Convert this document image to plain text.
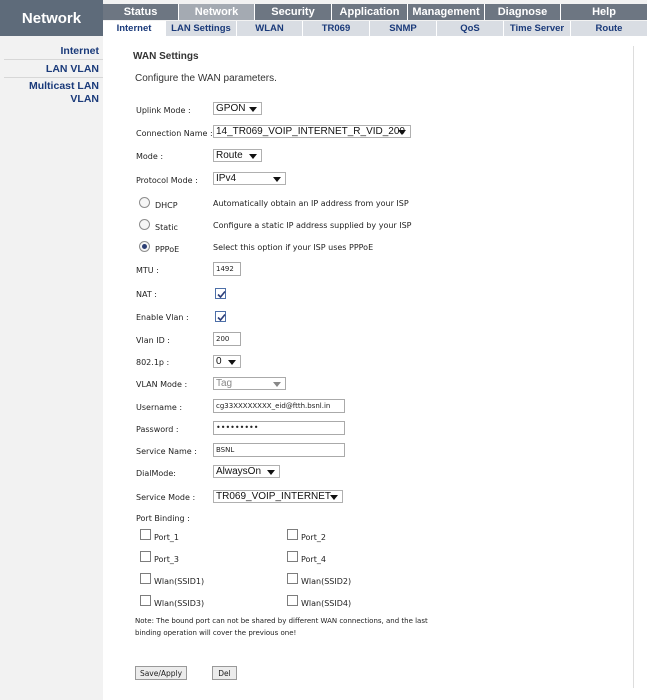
Network	Status	Network	Security	Application	Management	Diagnose	Help
Internet	LAN Settings	WLAN	TR069	SNMP	QoS	Time Server	Route
Internet
LAN VLAN
Multicast LAN
VLAN
WAN Settings
Configure the WAN parameters.
Uplink Mode :	GPON
Connection Name : 14_TR069_VOIP_INTERNET_R_VID_200
Mode :	Route
Protocol Mode :	IPv4
DHCP	Automatically obtain an IP address from your ISP
Static	Configure a static IP address supplied by your ISP
PPPoE	Select this option if your ISP uses PPPoE
MTU :	1492
NAT :
Enable Vlan :
Vlan ID :	200
802.1p :	0
VLAN Mode :	Tag
Username :	cg33XXXXXXXX_eid@ftth.bsnl.in
Password :	•••••••••
Service Name :	BSNL
DialMode:	AlwaysOn
Service Mode :	TR069_VOIP_INTERNET
Port Binding :
Port_1	Port_2
Port_3	Port_4
Wlan(SSID1)	Wlan(SSID2)
Wlan(SSID3)	Wlan(SSID4)
Note: The bound port can not be shared by different WAN connections, and the last binding operation will cover the previous one!
Save/Apply	Del
